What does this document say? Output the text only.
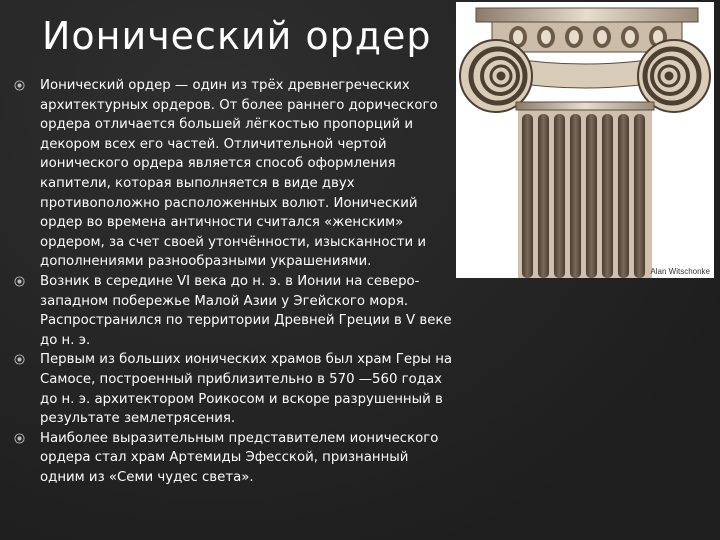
Ионический ордер
Ионический ордер — один из трёх древнегреческих архитектурных ордеров. От более раннего дорического ордера отличается большей лёгкостью пропорций и декором всех его частей. Отличительной чертой ионического ордера является способ оформления капители, которая выполняется в виде двух противоположно расположенных волют. Ионический ордер во времена античности считался «женским» ордером, за счет своей утончённости, изысканности и дополнениями разнообразными украшениями.
Возник в середине VI века до н. э. в Ионии на северо-западном побережье Малой Азии у Эгейского моря. Распространился по территории Древней Греции в V веке до н. э.
Первым из больших ионических храмов был храм Геры на Самосе, построенный приблизительно в 570 —560 годах до н. э. архитектором Роикосом и вскоре разрушенный в результате землетрясения.
Наиболее выразительным представителем ионического ордера стал храм Артемиды Эфесской, признанный одним из «Семи чудес света».
Alan Witschonke
